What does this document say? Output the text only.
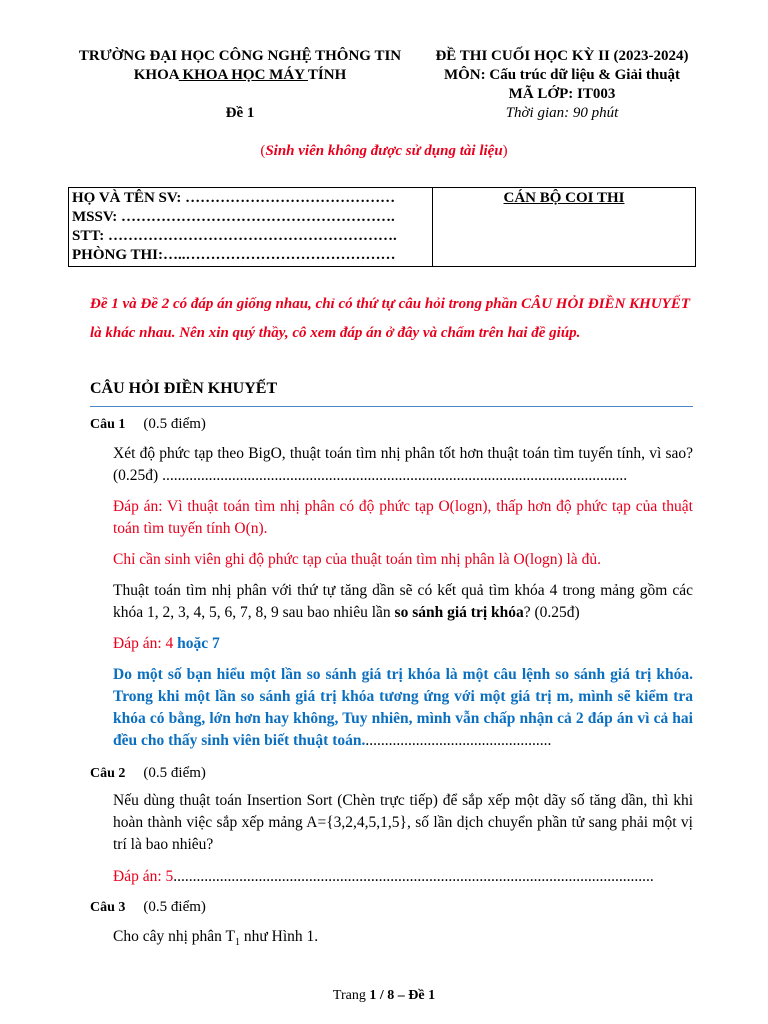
TRƯỜNG ĐẠI HỌC CÔNG NGHỆ THÔNG TIN
KHOA KHOA HỌC MÁY TÍNH
Đề 1
ĐỀ THI CUỐI HỌC KỲ II (2023-2024)
MÔN: Cấu trúc dữ liệu & Giải thuật
MÃ LỚP: IT003
Thời gian: 90 phút
(Sinh viên không được sử dụng tài liệu)
HỌ VÀ TÊN SV: ……………………………………
MSSV: ……………………………………………….
STT: ………………………………………………….
PHÒNG THI:…..……………………………………
	CÁN BỘ COI THI
Đề 1 và Đề 2 có đáp án giống nhau, chỉ có thứ tự câu hỏi trong phần CÂU HỎI ĐIỀN KHUYẾT là khác nhau. Nên xin quý thầy, cô xem đáp án ở đây và chấm trên hai đề giúp.
CÂU HỎI ĐIỀN KHUYẾT
Câu 1 (0.5 điểm)
Xét độ phức tạp theo BigO, thuật toán tìm nhị phân tốt hơn thuật toán tìm tuyến tính, vì sao? (0.25đ) ........................................................................................................................
Đáp án: Vì thuật toán tìm nhị phân có độ phức tạp O(logn), thấp hơn độ phức tạp của thuật toán tìm tuyến tính O(n).
Chỉ cần sinh viên ghi độ phức tạp của thuật toán tìm nhị phân là O(logn) là đủ.
Thuật toán tìm nhị phân với thứ tự tăng dần sẽ có kết quả tìm khóa 4 trong mảng gồm các khóa 1, 2, 3, 4, 5, 6, 7, 8, 9 sau bao nhiêu lần so sánh giá trị khóa? (0.25đ)
Đáp án: 4 hoặc 7
Do một số bạn hiểu một lần so sánh giá trị khóa là một câu lệnh so sánh giá trị khóa. Trong khi một lần so sánh giá trị khóa tương ứng với một giá trị m, mình sẽ kiểm tra khóa có bằng, lớn hơn hay không, Tuy nhiên, mình vẫn chấp nhận cả 2 đáp án vì cả hai đều cho thấy sinh viên biết thuật toán.................................................
Câu 2 (0.5 điểm)
Nếu dùng thuật toán Insertion Sort (Chèn trực tiếp) để sắp xếp một dãy số tăng dần, thì khi hoàn thành việc sắp xếp mảng A={3,2,4,5,1,5}, số lần dịch chuyển phần tử sang phải một vị trí là bao nhiêu?
Đáp án: 5............................................................................................................................
Câu 3 (0.5 điểm)
Cho cây nhị phân $T_1$ như Hình 1.
Trang 1 / 8 – Đề 1
